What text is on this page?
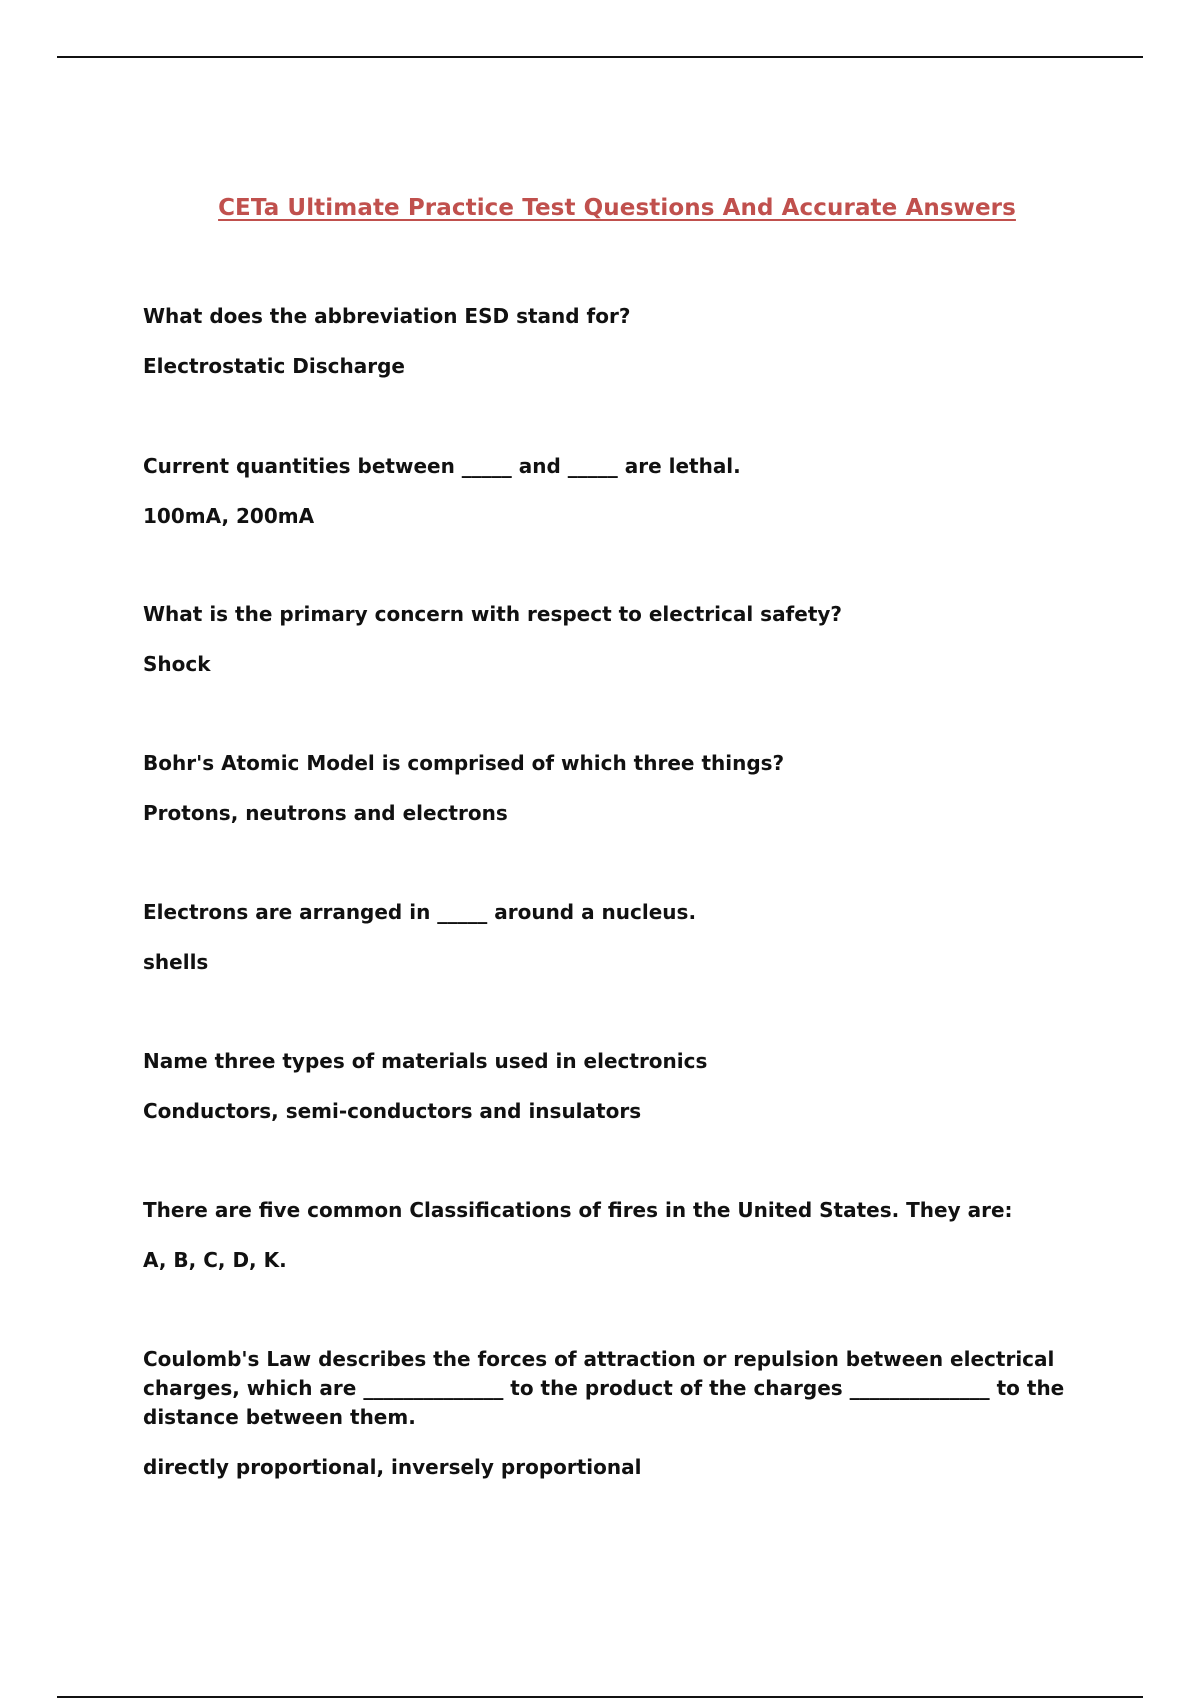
CETa Ultimate Practice Test Questions And Accurate Answers

What does the abbreviation ESD stand for?

Electrostatic Discharge

Current quantities between _____ and _____ are lethal.

100mA, 200mA

What is the primary concern with respect to electrical safety?

Shock

Bohr's Atomic Model is comprised of which three things?

Protons, neutrons and electrons

Electrons are arranged in _____ around a nucleus.

shells

Name three types of materials used in electronics

Conductors, semi-conductors and insulators

There are five common Classifications of fires in the United States. They are:

A, B, C, D, K.

Coulomb's Law describes the forces of attraction or repulsion between electrical charges, which are ______________ to the product of the charges ______________ to the distance between them.

directly proportional, inversely proportional
